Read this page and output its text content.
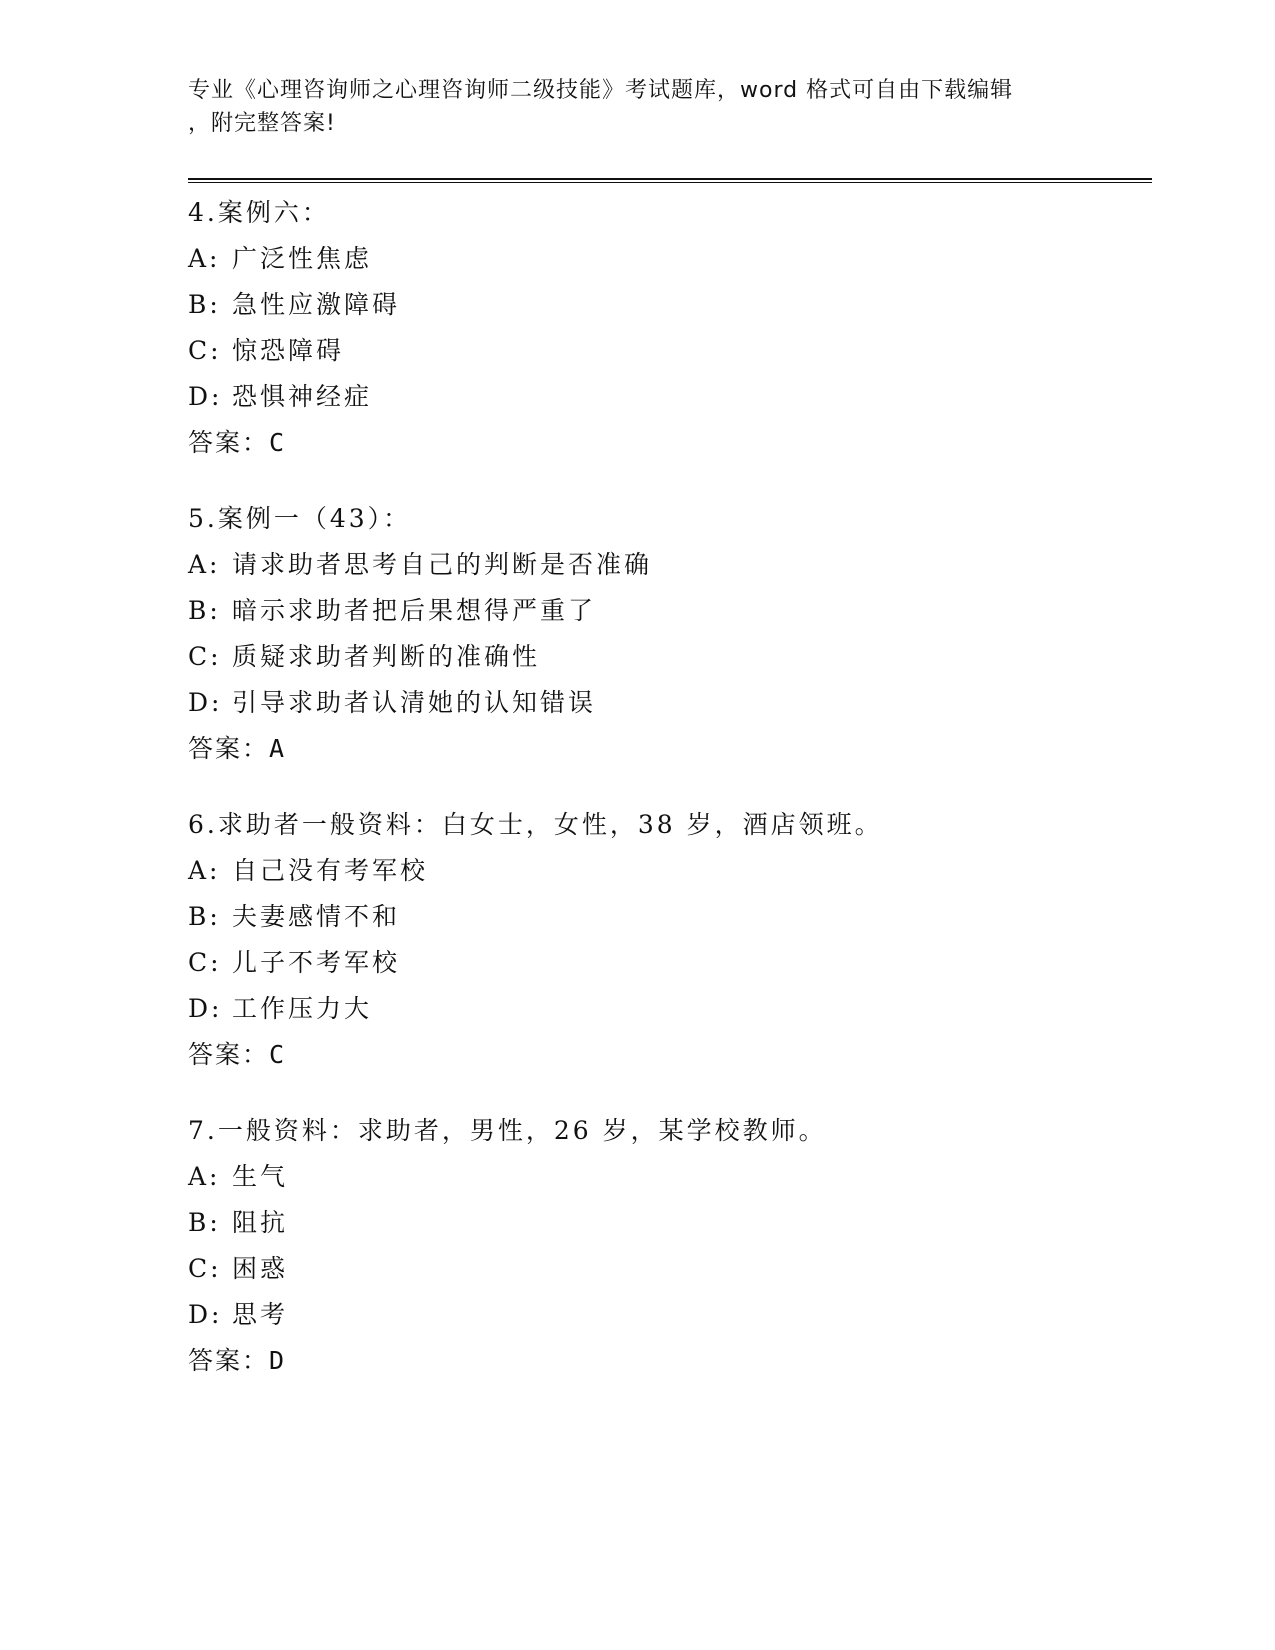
专业《心理咨询师之心理咨询师二级技能》考试题库，word 格式可自由下载编辑
，附完整答案!
4.案例六：
A: 广泛性焦虑
B: 急性应激障碍
C: 惊恐障碍
D: 恐惧神经症
答案：C
5.案例一（43）：
A: 请求助者思考自己的判断是否准确
B: 暗示求助者把后果想得严重了
C: 质疑求助者判断的准确性
D: 引导求助者认清她的认知错误
答案：A
6.求助者一般资料：白女士，女性，38 岁，酒店领班。
A: 自己没有考军校
B: 夫妻感情不和
C: 儿子不考军校
D: 工作压力大
答案：C
7.一般资料：求助者，男性，26 岁，某学校教师。
A: 生气
B: 阻抗
C: 困惑
D: 思考
答案：D
